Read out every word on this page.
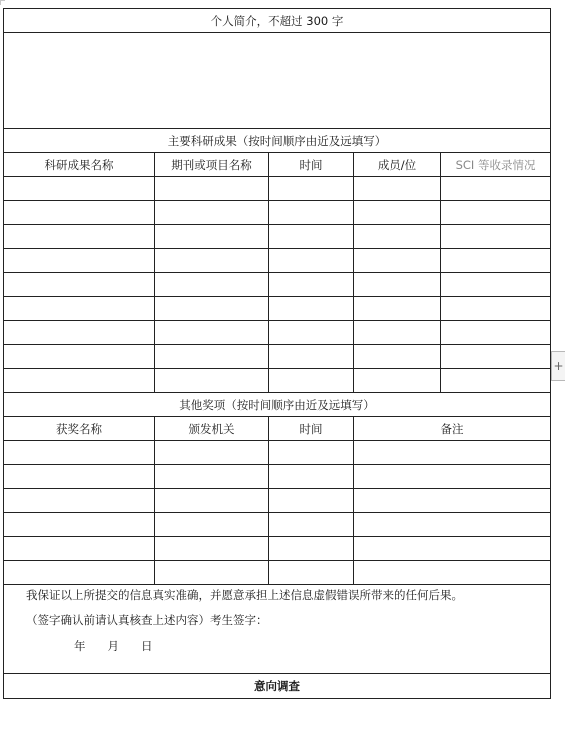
个人简介，不超过 300 字				

主要科研成果（按时间顺序由近及远填写）				
科研成果名称	期刊或项目名称	时间	成员/位	SCI 等收录情况

其他奖项（按时间顺序由近及远填写）				
获奖名称	颁发机关	时间	备注	

我保证以上所提交的信息真实准确，并愿意承担上述信息虚假错误所带来的任何后果。
（签字确认前请认真核查上述内容）考生签字：
年 月 日				

意向调查				
+
